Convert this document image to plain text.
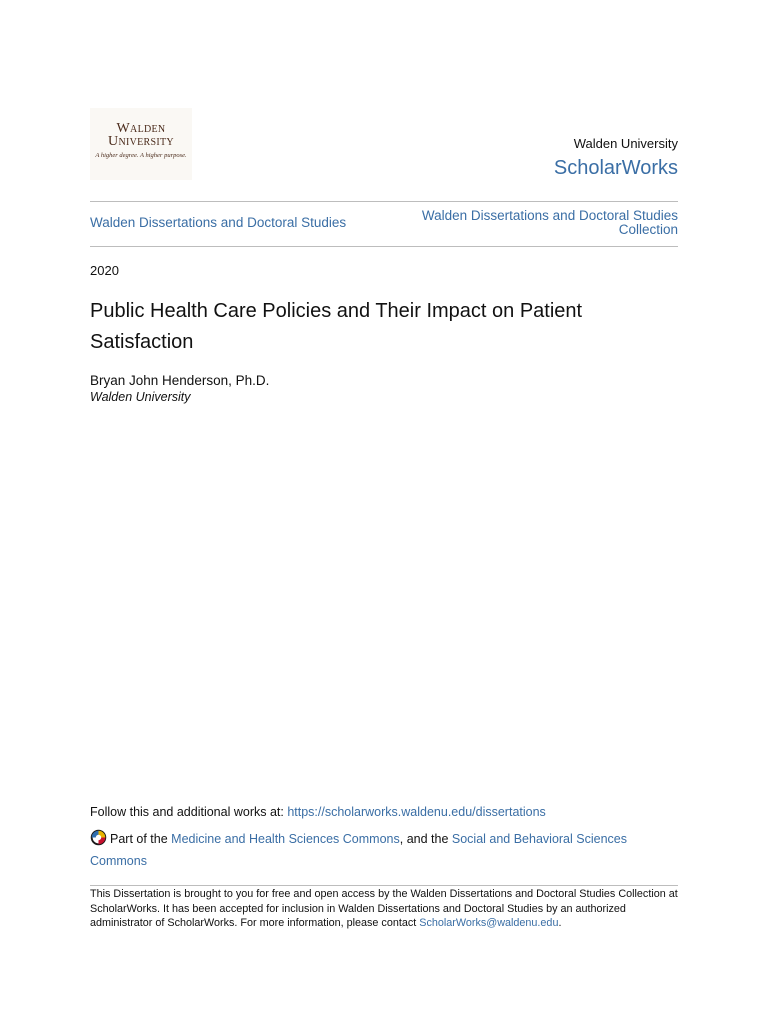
Walden
University
A higher degree. A higher purpose.
Walden University
ScholarWorks
Walden Dissertations and Doctoral Studies	Walden Dissertations and Doctoral Studies Collection
2020
Public Health Care Policies and Their Impact on Patient Satisfaction
Bryan John Henderson, Ph.D.
Walden University
Follow this and additional works at: https://scholarworks.waldenu.edu/dissertations
Part of the Medicine and Health Sciences Commons, and the Social and Behavioral Sciences Commons
This Dissertation is brought to you for free and open access by the Walden Dissertations and Doctoral Studies Collection at ScholarWorks. It has been accepted for inclusion in Walden Dissertations and Doctoral Studies by an authorized administrator of ScholarWorks. For more information, please contact ScholarWorks@waldenu.edu.
